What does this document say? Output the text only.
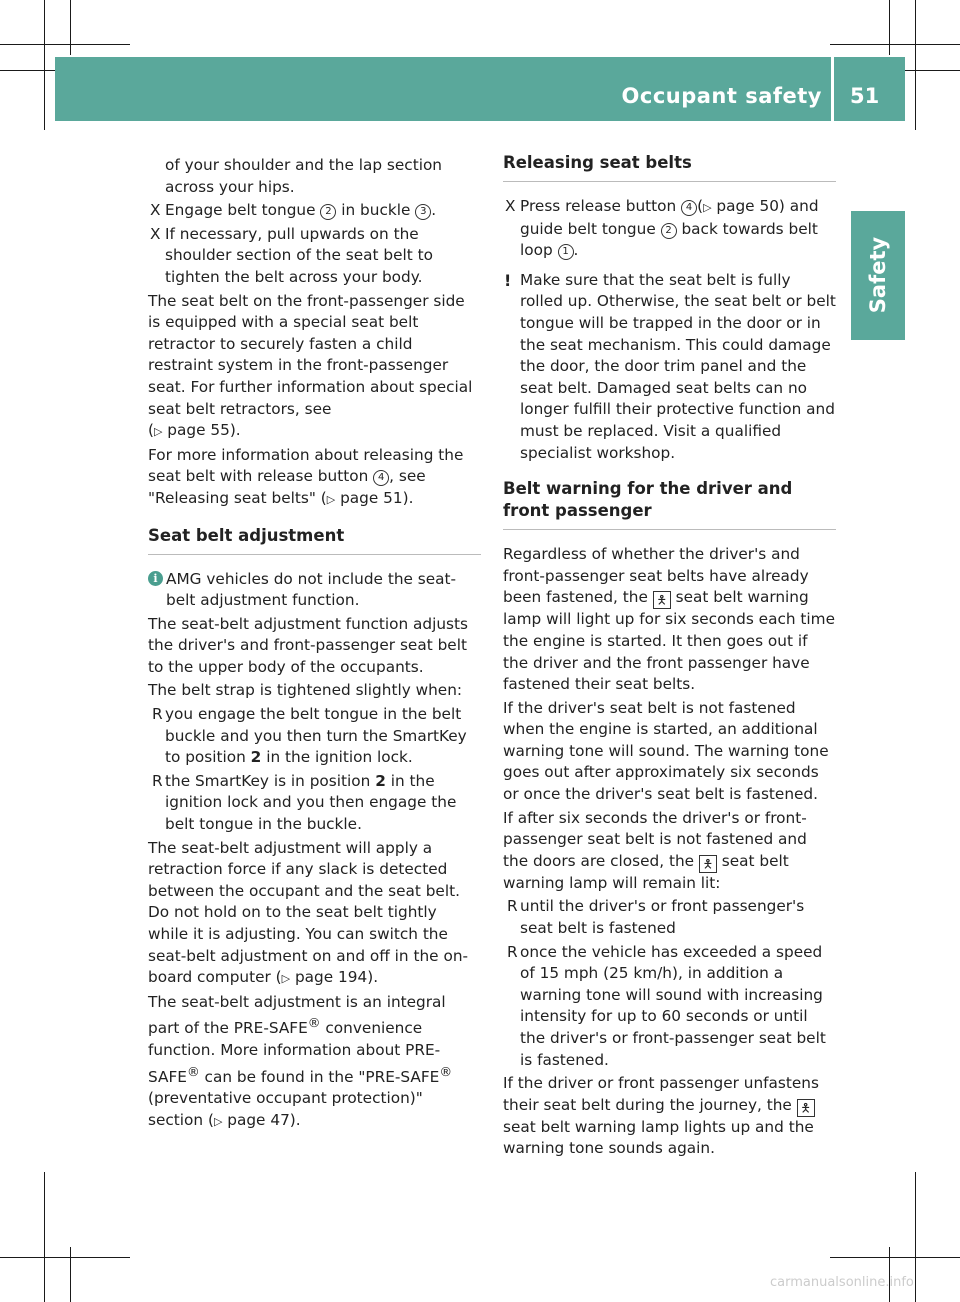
Occupant safety 51
Safety

of your shoulder and the lap section across your hips.

X Engage belt tongue 2 in buckle 3 .
X If necessary, pull upwards on the shoulder section of the seat belt to tighten the belt across your body.

The seat belt on the front-passenger side is equipped with a special seat belt retractor to securely fasten a child restraint system in the front-passenger seat. For further information about special seat belt retractors, see
(▷ page 55).

For more information about releasing the seat belt with release button 4 , see "Releasing seat belts" (▷ page 51).

Seat belt adjustment
i AMG vehicles do not include the seat-belt adjustment function.

The seat-belt adjustment function adjusts the driver's and front-passenger seat belt to the upper body of the occupants.

The belt strap is tightened slightly when:

R you engage the belt tongue in the belt buckle and you then turn the SmartKey to position 2 in the ignition lock.
R the SmartKey is in position 2 in the ignition lock and you then engage the belt tongue in the buckle.

The seat-belt adjustment will apply a retraction force if any slack is detected between the occupant and the seat belt. Do not hold on to the seat belt tightly while it is adjusting. You can switch the seat-belt adjustment on and off in the on-board computer (▷ page 194).

The seat-belt adjustment is an integral part of the PRE-SAFE® convenience function. More information about PRE-SAFE® can be found in the "PRE-SAFE® (preventative occupant protection)" section (▷ page 47).

Releasing seat belts
X Press release button 4 (▷ page 50) and guide belt tongue 2 back towards belt loop 1 .
! Make sure that the seat belt is fully rolled up. Otherwise, the seat belt or belt tongue will be trapped in the door or in the seat mechanism. This could damage the door, the door trim panel and the seat belt. Damaged seat belts can no longer fulfill their protective function and must be replaced. Visit a qualified specialist workshop.
Belt warning for the driver and front passenger

Regardless of whether the driver's and front-passenger seat belts have already been fastened, the 🯅 seat belt warning lamp will light up for six seconds each time the engine is started. It then goes out if the driver and the front passenger have fastened their seat belts.

If the driver's seat belt is not fastened when the engine is started, an additional warning tone will sound. The warning tone goes out after approximately six seconds or once the driver's seat belt is fastened.

If after six seconds the driver's or front-passenger seat belt is not fastened and the doors are closed, the 🯅 seat belt warning lamp will remain lit:

R until the driver's or front passenger's seat belt is fastened
R once the vehicle has exceeded a speed of 15 mph (25 km/h), in addition a warning tone will sound with increasing intensity for up to 60 seconds or until the driver's or front-passenger seat belt is fastened.

If the driver or front passenger unfastens their seat belt during the journey, the 🯅 seat belt warning lamp lights up and the warning tone sounds again.

carmanualsonline.info
